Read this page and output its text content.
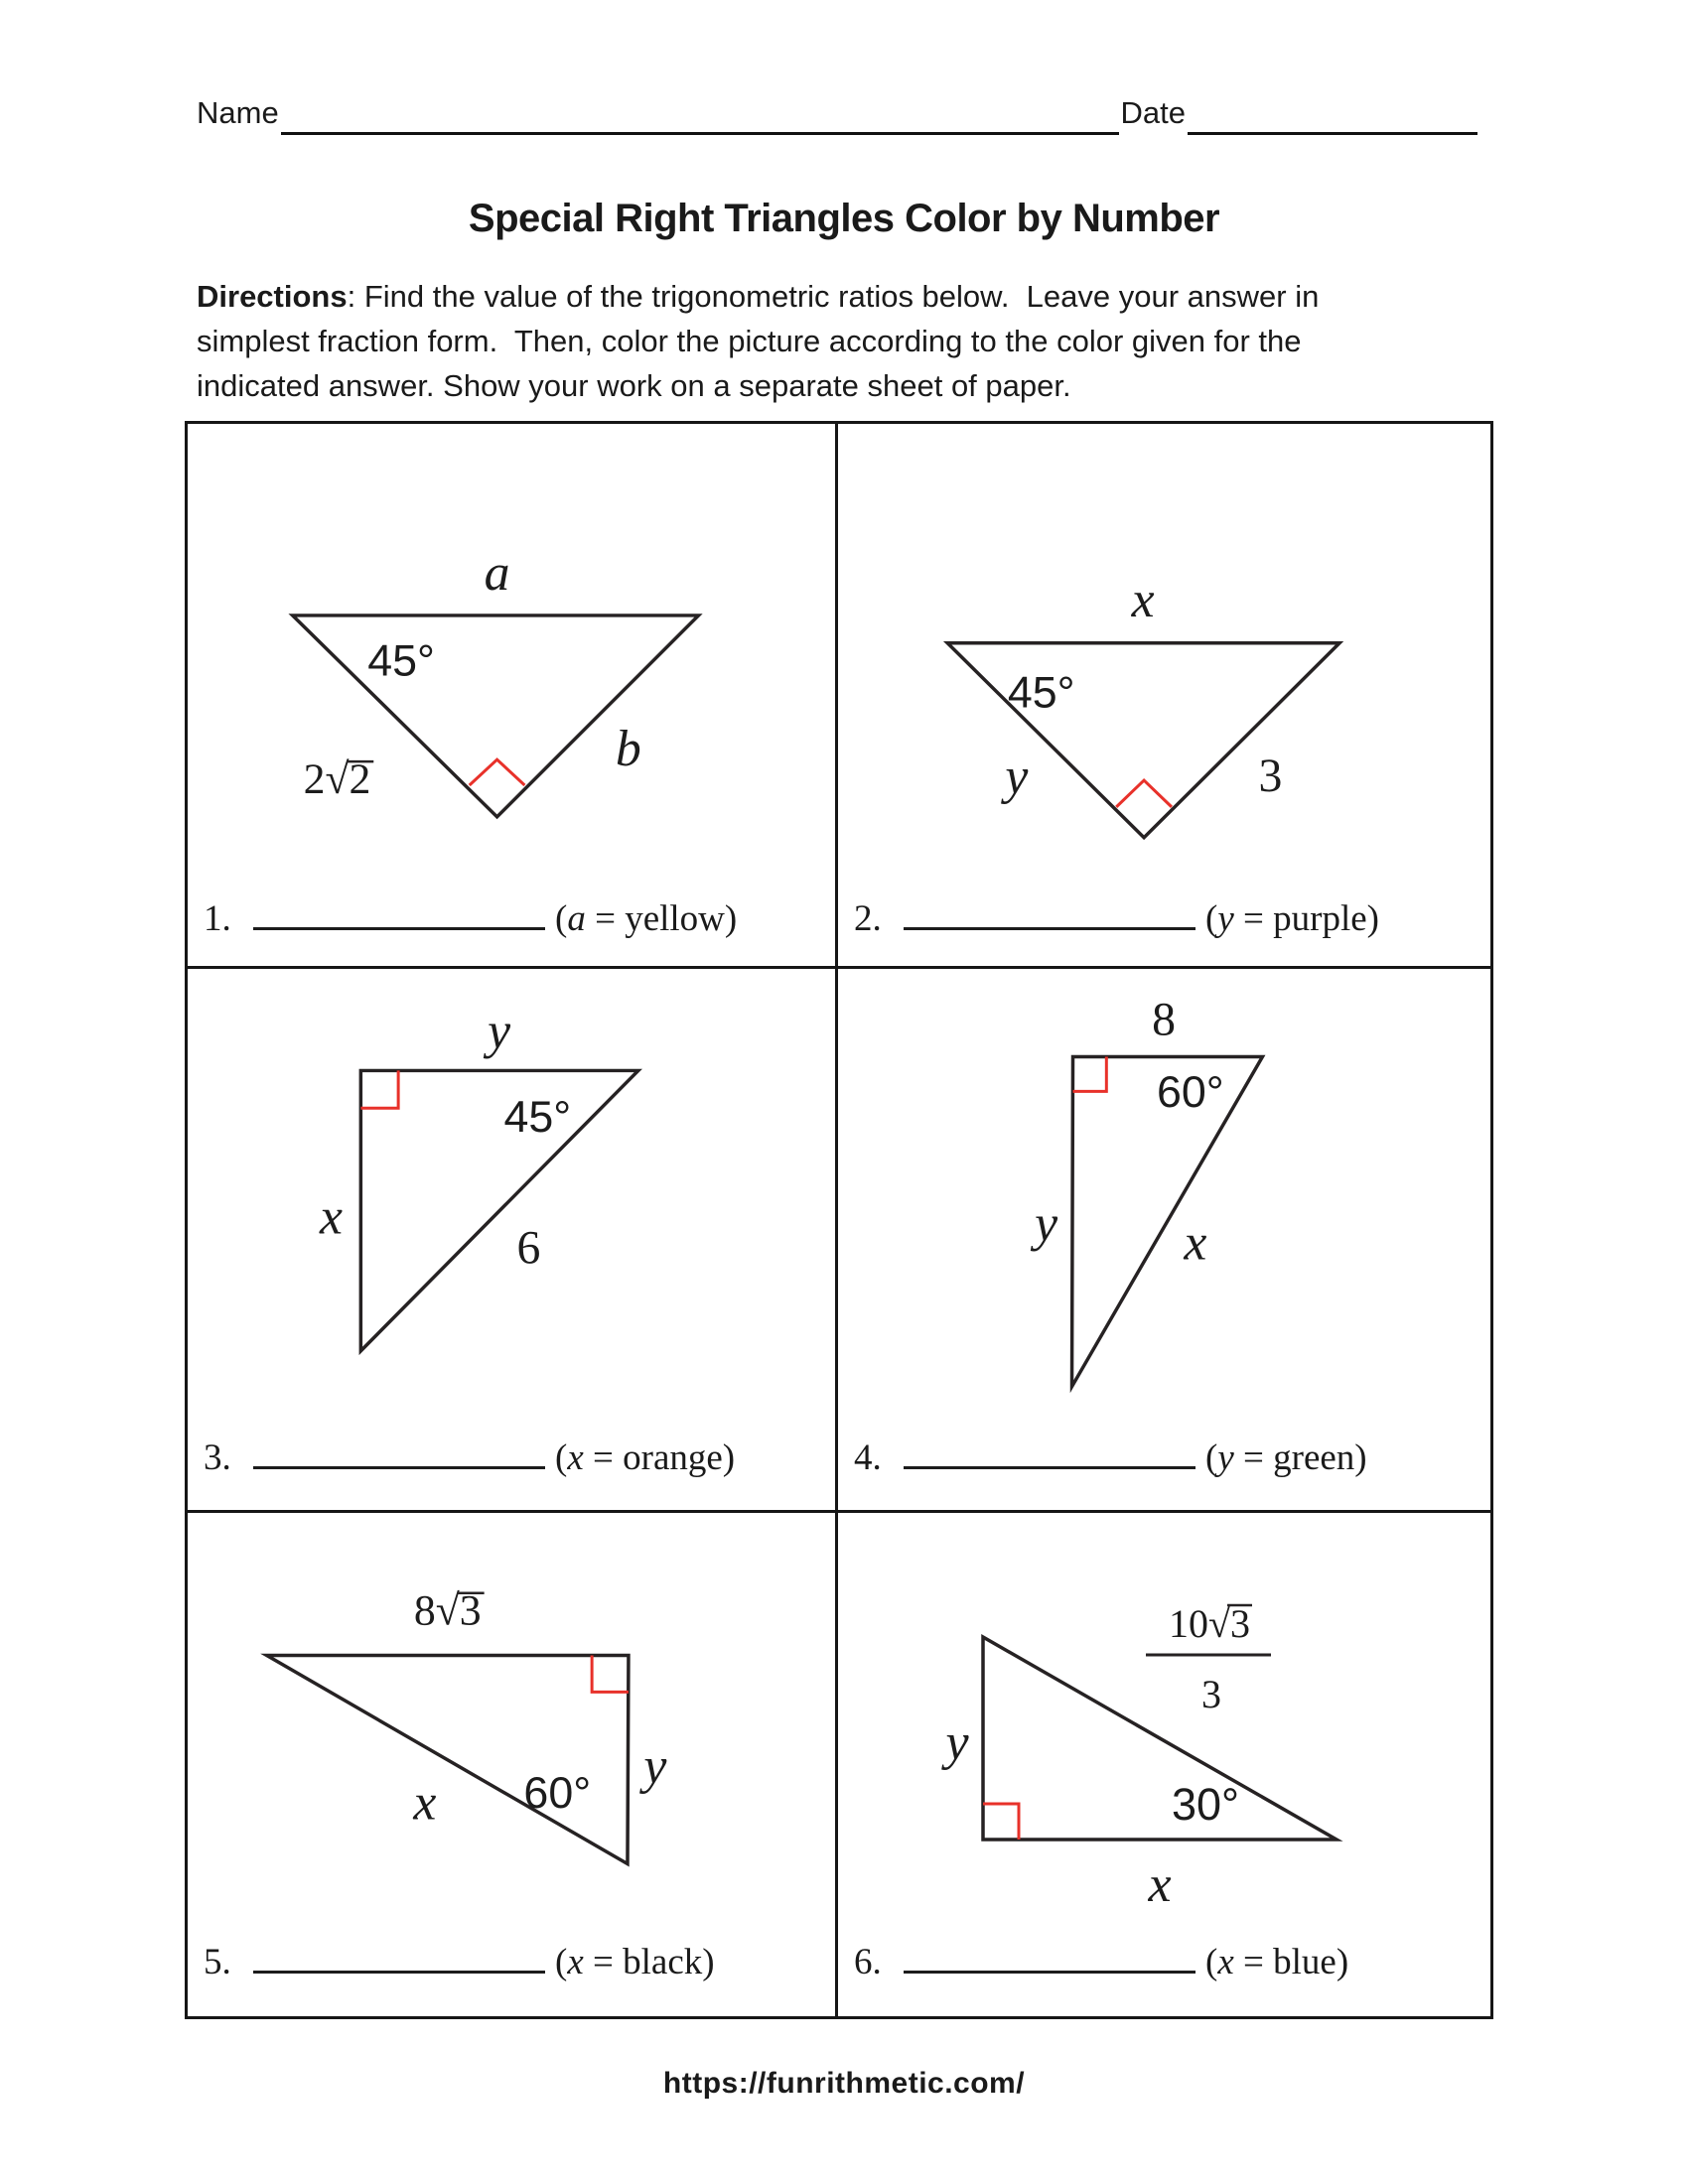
Name	Date
Special Right Triangles Color by Number
Directions: Find the value of the trigonometric ratios below.  Leave your answer in
simplest fraction form.  Then, color the picture according to the color given for the
indicated answer. Show your work on a separate sheet of paper.
a
45°
2√2
b
1.	(a = yellow)
x
45°
y	3
2.	(y = purple)
y
45°
x
6
3.	(x = orange)
8
60°
y x
4.	(y = green)
8√3
y
60°
x
5.	(x = black)
10√3
3
y
30°
x
6.	(x = blue)
https://funrithmetic.com/
